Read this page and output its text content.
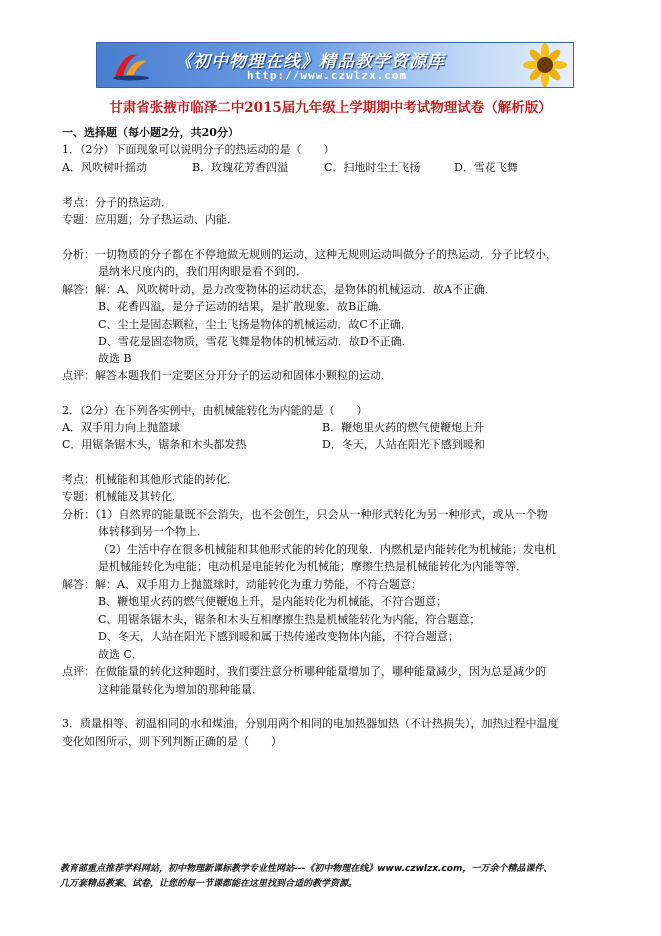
《初中物理在线》精品教学资源库
http://www.czwlzx.com
甘肃省张掖市临泽二中2015届九年级上学期期中考试物理试卷（解析版）
一、选择题（每小题2分，共20分）
1．（2分）下面现象可以说明分子的热运动的是（　　）
A．风吹树叶摇动	B．玫瑰花芳香四溢	C．扫地时尘土飞扬	D．雪花飞舞
考点：分子的热运动．
专题：应用题；分子热运动、内能．
分析：一切物质的分子都在不停地做无规则的运动，这种无规则运动叫做分子的热运动．分子比较小，
是纳米尺度内的，我们用肉眼是看不到的．
解答：解：A、风吹树叶动，是力改变物体的运动状态，是物体的机械运动．故A不正确．
B、花香四溢，是分子运动的结果，是扩散现象．故B正确．
C、尘土是固态颗粒，尘土飞扬是物体的机械运动．故C不正确．
D、雪花是固态物质，雪花飞舞是物体的机械运动．故D不正确．
故选 B
点评：解答本题我们一定要区分开分子的运动和固体小颗粒的运动．
2．（2分）在下列各实例中，由机械能转化为内能的是（　　）
A．双手用力向上抛篮球	B．鞭炮里火药的燃气使鞭炮上升
C．用锯条锯木头，锯条和木头都发热	D．冬天，人站在阳光下感到暖和
考点：机械能和其他形式能的转化．
专题：机械能及其转化．
分析：（1）自然界的能量既不会消失，也不会创生，只会从一种形式转化为另一种形式，或从一个物
体转移到另一个物上．
（2）生活中存在很多机械能和其他形式能的转化的现象．内燃机是内能转化为机械能；发电机
是机械能转化为电能；电动机是电能转化为机械能；摩擦生热是机械能转化为内能等等．
解答：解：A、双手用力上抛篮球时，动能转化为重力势能，不符合题意；
B、鞭炮里火药的燃气使鞭炮上升，是内能转化为机械能，不符合题意；
C、用锯条锯木头，锯条和木头互相摩擦生热是机械能转化为内能，符合题意；
D、冬天，人站在阳光下感到暖和属于热传递改变物体内能，不符合题意；
故选 C．
点评：在做能量的转化这种题时，我们要注意分析哪种能量增加了，哪种能量减少，因为总是减少的
这种能量转化为增加的那种能量．
3．质量相等、初温相同的水和煤油，分别用两个相同的电加热器加热（不计热损失），加热过程中温度
变化如图所示，则下列判断正确的是（　　）
教育部重点推荐学科网站，初中物理新课标教学专业性网站---《初中物理在线》www.czwlzx.com，一万余个精品课件、
几万套精品教案、试卷，让您的每一节课都能在这里找到合适的教学资源。
